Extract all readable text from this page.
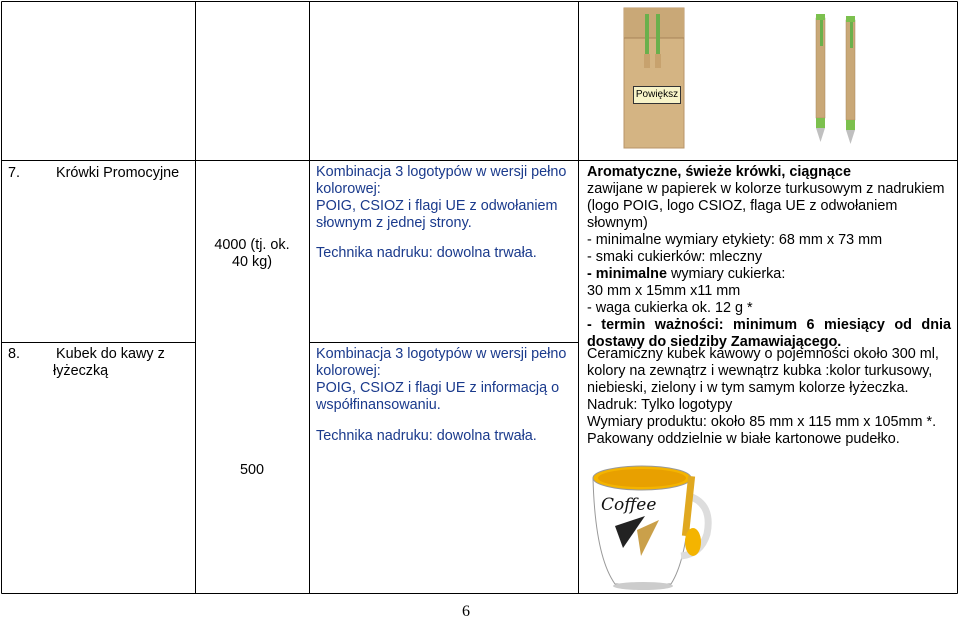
7. Krówki Promocyjne
4000 (tj. ok.
40 kg)
Kombinacja 3 logotypów w wersji pełno
kolorowej:
POIG, CSIOZ i flagi UE z odwołaniem
słownym z jednej strony.
Technika nadruku: dowolna trwała.
Aromatyczne, świeże krówki, ciągnące
zawijane w papierek w kolorze turkusowym z nadrukiem
(logo POIG, logo CSIOZ, flaga UE z odwołaniem
słownym)
- minimalne wymiary etykiety: 68 mm x 73 mm
- smaki cukierków: mleczny
- minimalne wymiary cukierka:
30 mm x 15mm x11 mm
- waga cukierka ok. 12 g *
- termin ważności: minimum 6 miesiący od dnia
dostawy do siedziby Zamawiającego.
8. Kubek do kawy z
łyżeczką
500
Kombinacja 3 logotypów w wersji pełno
kolorowej:
POIG, CSIOZ i flagi UE z informacją o
współfinansowaniu.
Technika nadruku: dowolna trwała.
Ceramiczny kubek kawowy o pojemności około 300 ml,
kolory na zewnątrz i wewnątrz kubka :kolor turkusowy,
niebieski, zielony i w tym samym kolorze łyżeczka.
Nadruk: Tylko logotypy
Wymiary produktu: około 85 mm x 115 mm x 105mm *.
Pakowany oddzielnie w białe kartonowe pudełko.
Powiększ
Coffee
6
